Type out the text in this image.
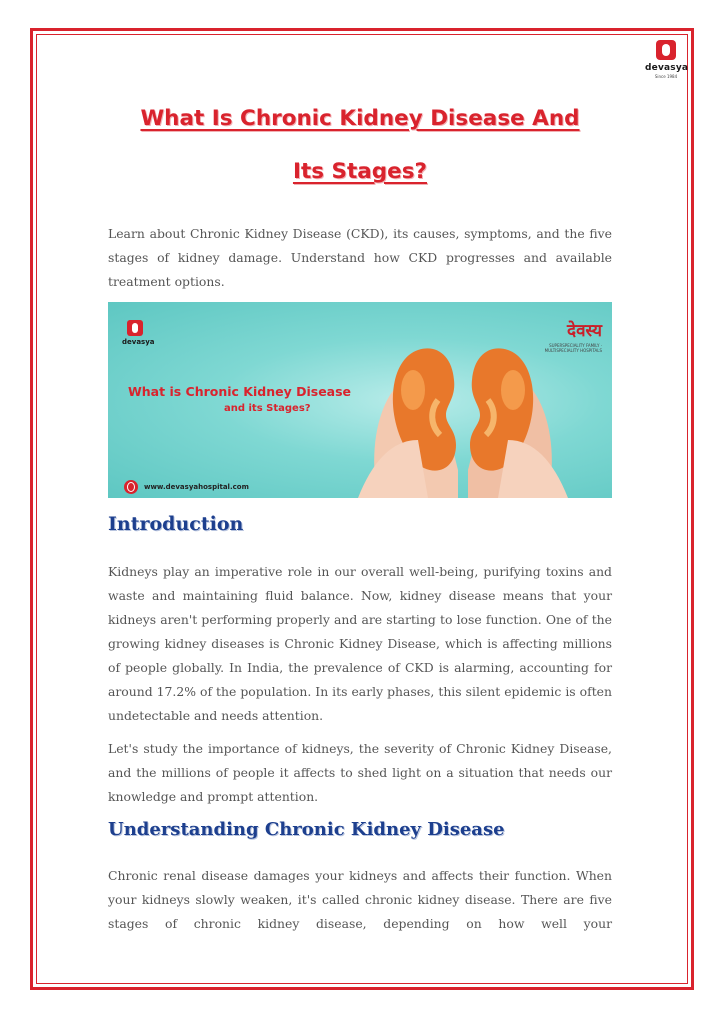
devasya
Since 1984
What Is Chronic Kidney Disease And
Its Stages?

Learn about Chronic Kidney Disease (CKD), its causes, symptoms, and the five stages of kidney damage. Understand how CKD progresses and available treatment options.

devasya
देवस्य
SUPERSPECIALITY FAMILY · MULTISPECIALITY HOSPITALS
What is Chronic Kidney Disease
and its Stages?
www.devasyahospital.com
Introduction

Kidneys play an imperative role in our overall well-being, purifying toxins and waste and maintaining fluid balance. Now, kidney disease means that your kidneys aren't performing properly and are starting to lose function. One of the growing kidney diseases is Chronic Kidney Disease, which is affecting millions of people globally. In India, the prevalence of CKD is alarming, accounting for around 17.2% of the population. In its early phases, this silent epidemic is often undetectable and needs attention.

Let's study the importance of kidneys, the severity of Chronic Kidney Disease, and the millions of people it affects to shed light on a situation that needs our knowledge and prompt attention.

Understanding Chronic Kidney Disease

Chronic renal disease damages your kidneys and affects their function. When your kidneys slowly weaken, it's called chronic kidney disease. There are five stages of chronic kidney disease, depending on how well your
